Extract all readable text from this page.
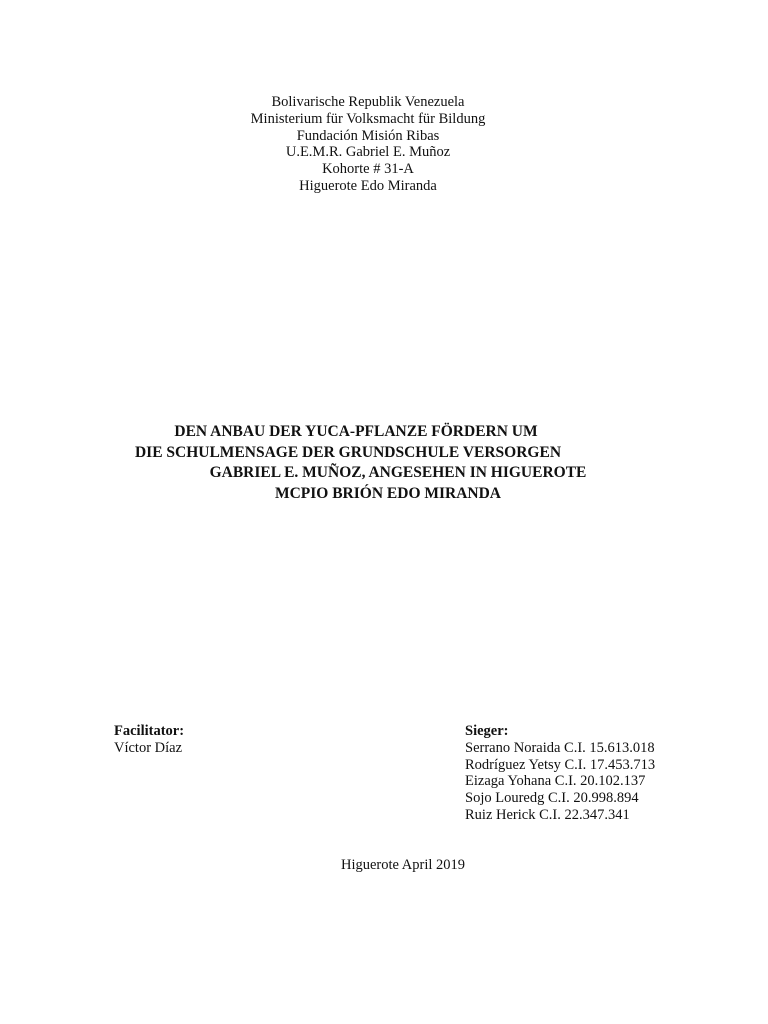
Bolivarische Republik Venezuela
Ministerium für Volksmacht für Bildung
Fundación Misión Ribas
U.E.M.R. Gabriel E. Muñoz
Kohorte # 31-A
Higuerote Edo Miranda
DEN ANBAU DER YUCA-PFLANZE FÖRDERN UM
DIE SCHULMENSAGE DER GRUNDSCHULE VERSORGEN
GABRIEL E. MUÑOZ, ANGESEHEN IN HIGUEROTE
MCPIO BRIÓN EDO MIRANDA
Facilitator:
Víctor Díaz
Sieger:
Serrano Noraida C.I. 15.613.018
Rodríguez Yetsy C.I. 17.453.713
Eizaga Yohana C.I. 20.102.137
Sojo Louredg C.I. 20.998.894
Ruiz Herick C.I. 22.347.341
Higuerote April 2019
